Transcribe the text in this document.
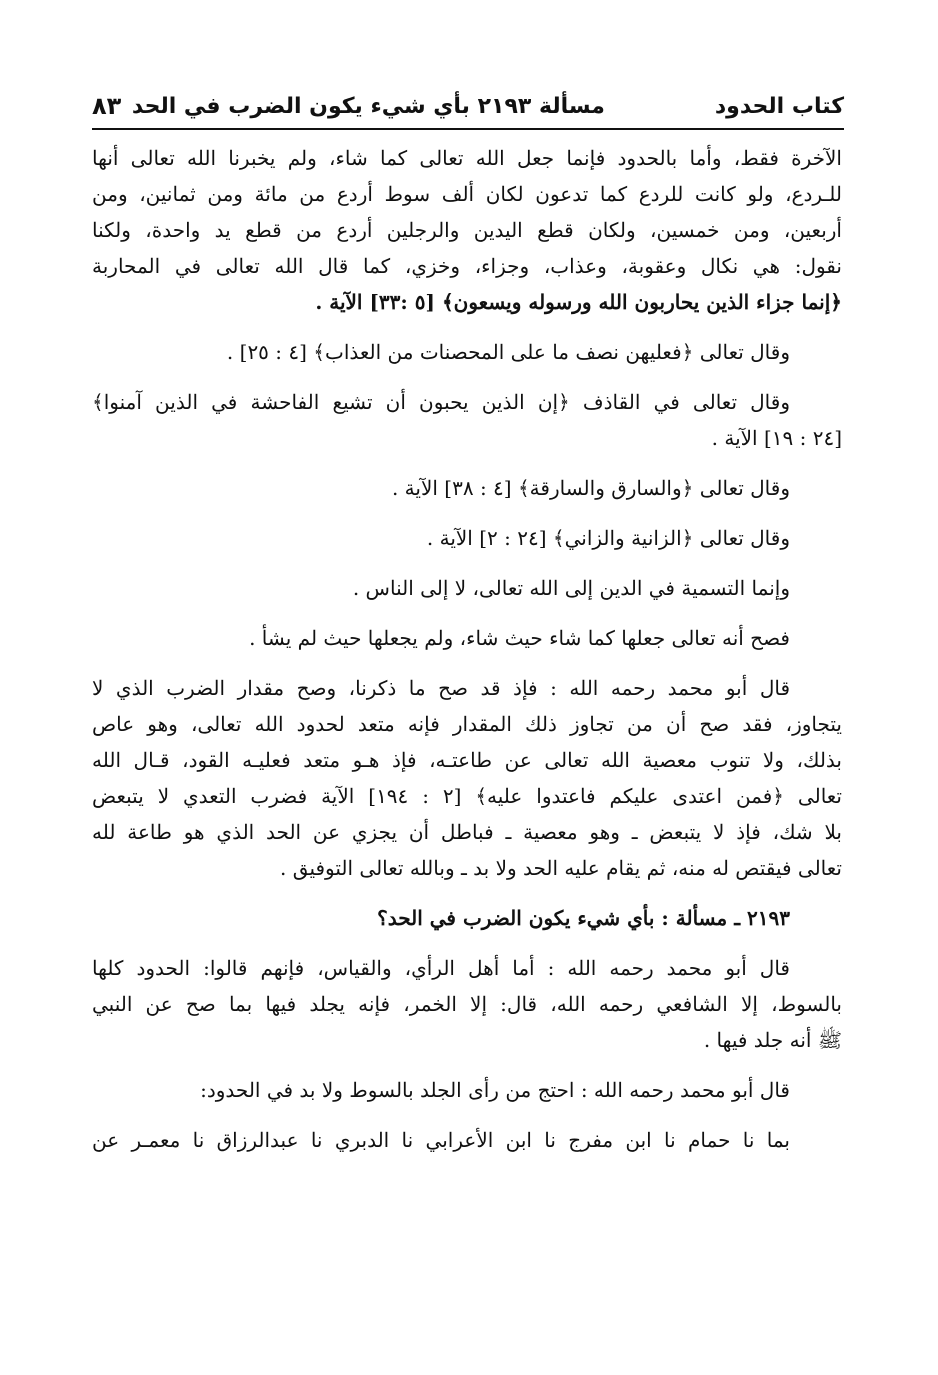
كتاب الحدود
مسألة ٢١٩٣ بأي شيء يكون الضرب في الحد
٨٣
الآخرة فقط، وأما بالحدود فإنما جعل الله تعالى كما شاء، ولم يخبرنا الله تعالى أنها
للـردع، ولو كانت للردع كما تدعون لكان ألف سوط أردع من مائة ومن ثمانين، ومن
أربعين، ومن خمسين، ولكان قطع اليدين والرجلين أردع من قطع يد واحدة، ولكنا
نقول: هي نكال وعقوبة، وعذاب، وجزاء، وخزي، كما قال الله تعالى في المحاربة
﴿إنما جزاء الذين يحاربون الله ورسوله ويسعون﴾ [٥ :٣٣] الآية .
وقال تعالى ﴿فعليهن نصف ما على المحصنات من العذاب﴾ [٤ : ٢٥] .
وقال تعالى في القاذف ﴿إن الذين يحبون أن تشيع الفاحشة في الذين آمنوا﴾
[٢٤ : ١٩] الآية .
وقال تعالى ﴿والسارق والسارقة﴾ [٤ : ٣٨] الآية .
وقال تعالى ﴿الزانية والزاني﴾ [٢٤ : ٢] الآية .
وإنما التسمية في الدين إلى الله تعالى، لا إلى الناس .
فصح أنه تعالى جعلها كما شاء حيث شاء، ولم يجعلها حيث لم يشأ .
قال أبو محمد رحمه الله : فإذ قد صح ما ذكرنا، وصح مقدار الضرب الذي لا
يتجاوز، فقد صح أن من تجاوز ذلك المقدار فإنه متعد لحدود الله تعالى، وهو عاص
بذلك، ولا تنوب معصية الله تعالى عن طاعتـه، فإذ هـو متعد فعليـه القود، قـال الله
تعالى ﴿فمن اعتدى عليكم فاعتدوا عليه﴾ [٢ : ١٩٤] الآية فضرب التعدي لا يتبعض
بلا شك، فإذ لا يتبعض ـ وهو معصية ـ فباطل أن يجزي عن الحد الذي هو طاعة لله
تعالى فيقتص له منه، ثم يقام عليه الحد ولا بد ـ وبالله تعالى التوفيق .
٢١٩٣ ـ مسألة : بأي شيء يكون الضرب في الحد؟
قال أبو محمد رحمه الله : أما أهل الرأي، والقياس، فإنهم قالوا: الحدود كلها
بالسوط، إلا الشافعي رحمه الله، قال: إلا الخمر، فإنه يجلد فيها بما صح عن النبي
ﷺ أنه جلد فيها .
قال أبو محمد رحمه الله : احتج من رأى الجلد بالسوط ولا بد في الحدود:
بما نا حمام نا ابن مفرج نا ابن الأعرابي نا الدبري نا عبدالرزاق نا معمـر عن
